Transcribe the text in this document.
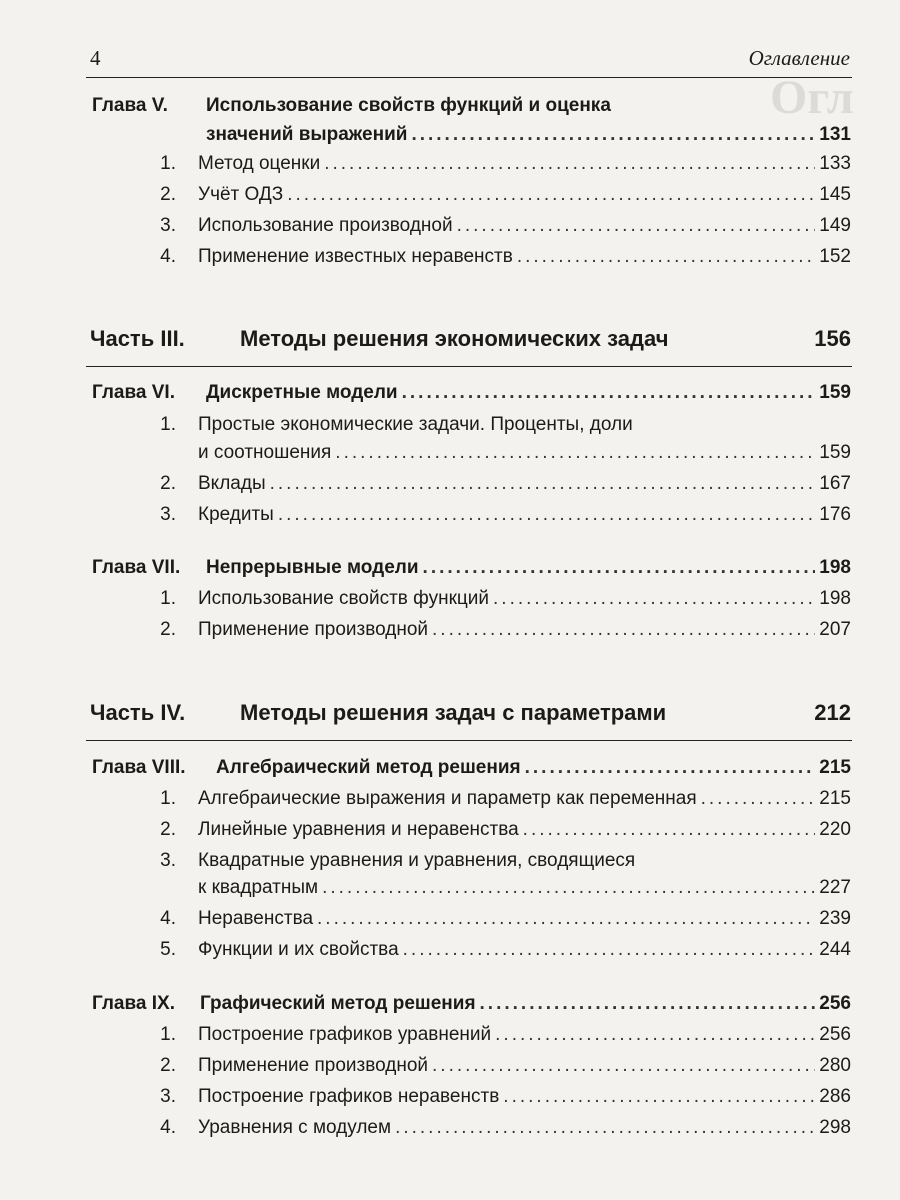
Огл
4	Оглавление
Глава V.	Использование свойств функций и оценка
значений выражений .....	131
1. Метод оценки .....	133
2. Учёт ОДЗ .....	145
3. Использование производной .....	149
4. Применение известных неравенств .....	152
Часть III.	Методы решения экономических задач	156
Глава VI.	Дискретные модели .....	159
1. Простые экономические задачи. Проценты, доли
и соотношения .....	159
2. Вклады .....	167
3. Кредиты .....	176
Глава VII.	Непрерывные модели .....	198
1. Использование свойств функций .....	198
2. Применение производной .....	207
Часть IV.	Методы решения задач с параметрами	212
Глава VIII.	Алгебраический метод решения .....	215
1. Алгебраические выражения и параметр как переменная .....	215
2. Линейные уравнения и неравенства .....	220
3. Квадратные уравнения и уравнения, сводящиеся
к квадратным .....	227
4. Неравенства .....	239
5. Функции и их свойства .....	244
Глава IX.	Графический метод решения .....	256
1. Построение графиков уравнений .....	256
2. Применение производной .....	280
3. Построение графиков неравенств .....	286
4. Уравнения с модулем .....	298
